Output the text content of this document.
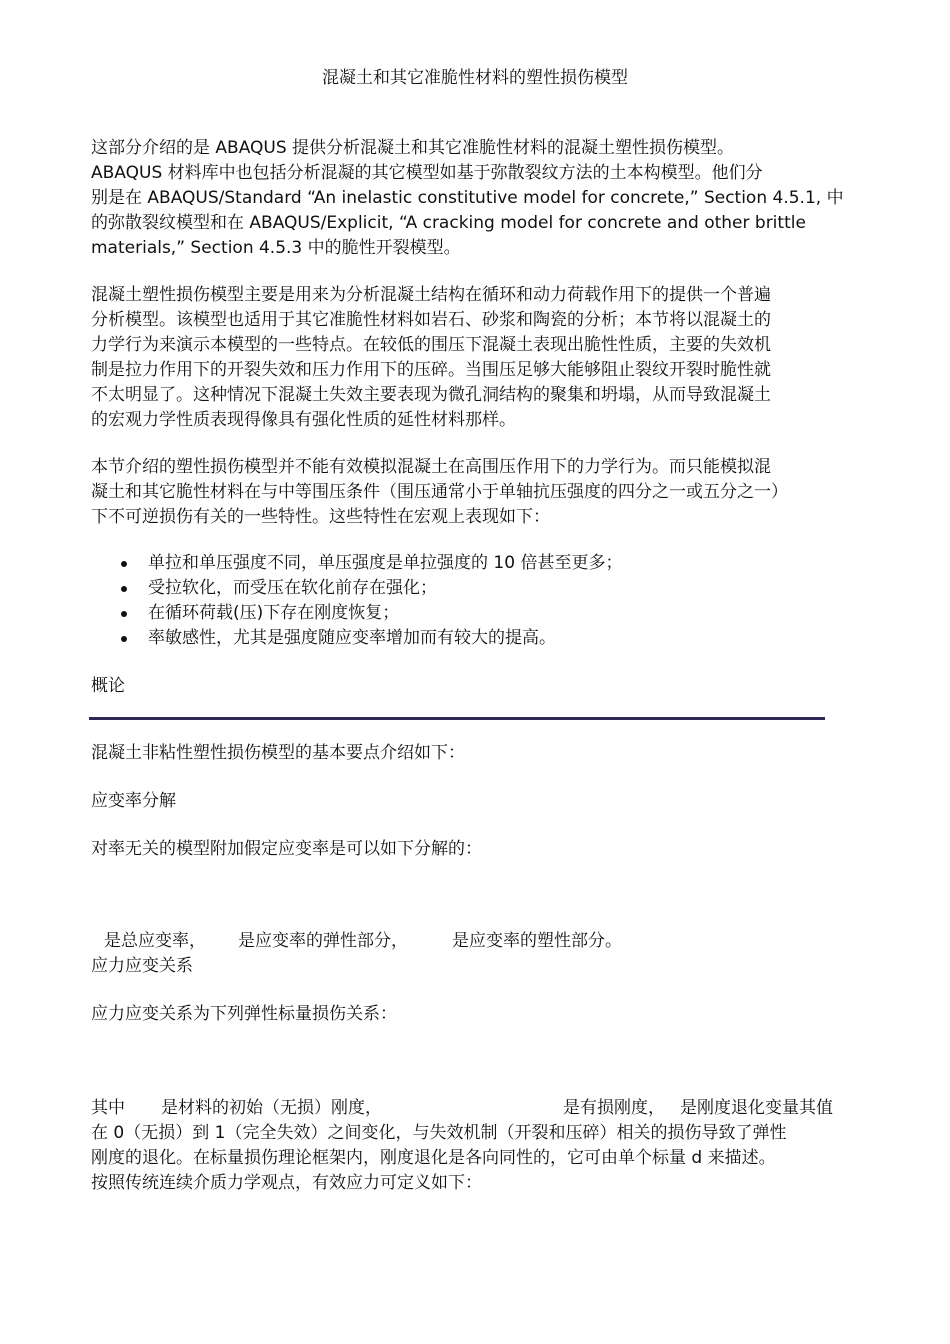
混凝土和其它准脆性材料的塑性损伤模型

这部分介绍的是 ABAQUS 提供分析混凝土和其它准脆性材料的混凝土塑性损伤模型。
ABAQUS 材料库中也包括分析混凝的其它模型如基于弥散裂纹方法的土本构模型。他们分
别是在 ABAQUS/Standard “An inelastic constitutive model for concrete,” Section 4.5.1, 中
的弥散裂纹模型和在 ABAQUS/Explicit, “A cracking model for concrete and other brittle
materials,” Section 4.5.3 中的脆性开裂模型。

混凝土塑性损伤模型主要是用来为分析混凝土结构在循环和动力荷载作用下的提供一个普遍
分析模型。该模型也适用于其它准脆性材料如岩石、砂浆和陶瓷的分析；本节将以混凝土的
力学行为来演示本模型的一些特点。在较低的围压下混凝土表现出脆性性质，主要的失效机
制是拉力作用下的开裂失效和压力作用下的压碎。当围压足够大能够阻止裂纹开裂时脆性就
不太明显了。这种情况下混凝土失效主要表现为微孔洞结构的聚集和坍塌，从而导致混凝土
的宏观力学性质表现得像具有强化性质的延性材料那样。

本节介绍的塑性损伤模型并不能有效模拟混凝土在高围压作用下的力学行为。而只能模拟混
凝土和其它脆性材料在与中等围压条件（围压通常小于单轴抗压强度的四分之一或五分之一）
下不可逆损伤有关的一些特性。这些特性在宏观上表现如下：

单拉和单压强度不同，单压强度是单拉强度的 10 倍甚至更多；
受拉软化，而受压在软化前存在强化；
在循环荷载(压)下存在刚度恢复；
率敏感性，尤其是强度随应变率增加而有较大的提高。
概论
混凝土非粘性塑性损伤模型的基本要点介绍如下：
应变率分解
对率无关的模型附加假定应变率是可以如下分解的：
是总应变率， 是应变率的弹性部分，	是应变率的塑性部分。
应力应变关系
应力应变关系为下列弹性标量损伤关系：
其中 是材料的初始（无损）刚度，	是有损刚度， 是刚度退化变量其值
在 0（无损）到 1（完全失效）之间变化，与失效机制（开裂和压碎）相关的损伤导致了弹性
刚度的退化。在标量损伤理论框架内，刚度退化是各向同性的，它可由单个标量 d 来描述。
按照传统连续介质力学观点，有效应力可定义如下：
